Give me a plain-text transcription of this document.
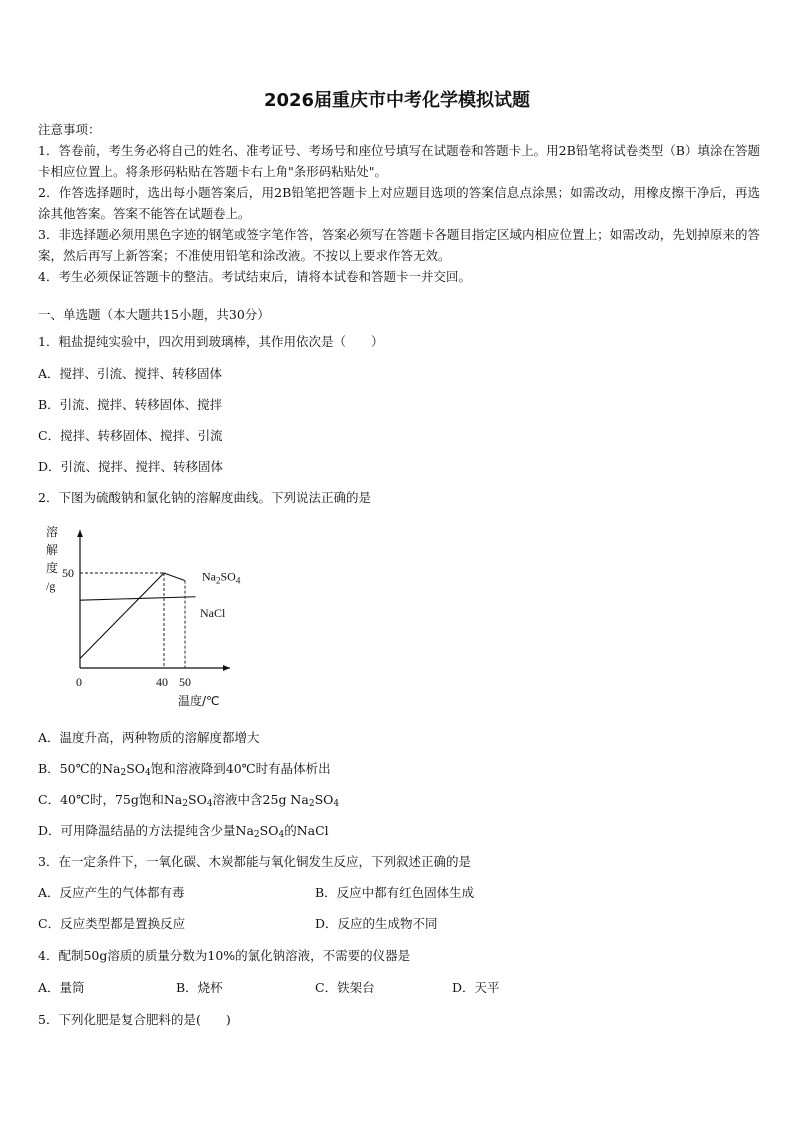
2026届重庆市中考化学模拟试题
注意事项：

1．答卷前，考生务必将自己的姓名、准考证号、考场号和座位号填写在试题卷和答题卡上。用2B铅笔将试卷类型（B）填涂在答题卡相应位置上。将条形码粘贴在答题卡右上角"条形码粘贴处"。

2．作答选择题时，选出每小题答案后，用2B铅笔把答题卡上对应题目选项的答案信息点涂黑；如需改动，用橡皮擦干净后，再选涂其他答案。答案不能答在试题卷上。

3．非选择题必须用黑色字迹的钢笔或签字笔作答，答案必须写在答题卡各题目指定区域内相应位置上；如需改动，先划掉原来的答案，然后再写上新答案；不准使用铅笔和涂改液。不按以上要求作答无效。

4．考生必须保证答题卡的整洁。考试结束后，请将本试卷和答题卡一并交回。

一、单选题（本大题共15小题，共30分）
1．粗盐提纯实验中，四次用到玻璃棒，其作用依次是（　　）
A．搅拌、引流、搅拌、转移固体
B．引流、搅拌、转移固体、搅拌
C．搅拌、转移固体、搅拌、引流
D．引流、搅拌、搅拌、转移固体
2．下图为硫酸钠和氯化钠的溶解度曲线。下列说法正确的是
溶
解
度
/g
50
0	40 50
温度/℃
$Na_2SO_4$
NaCl
A．温度升高，两种物质的溶解度都增大
B．50℃的$Na_2SO_4$饱和溶液降到40℃时有晶体析出
C．40℃时，75g饱和$Na_2SO_4$溶液中含25g $Na_2SO_4$
D．可用降温结晶的方法提纯含少量$Na_2SO_4$的NaCl
3．在一定条件下，一氧化碳、木炭都能与氧化铜发生反应，下列叙述正确的是
A．反应产生的气体都有毒	B．反应中都有红色固体生成
C．反应类型都是置换反应	D．反应的生成物不同
4．配制50g溶质的质量分数为10%的氯化钠溶液，不需要的仪器是
A．量筒	B．烧杯	C．铁架台	D．天平
5．下列化肥是复合肥料的是(　　)
